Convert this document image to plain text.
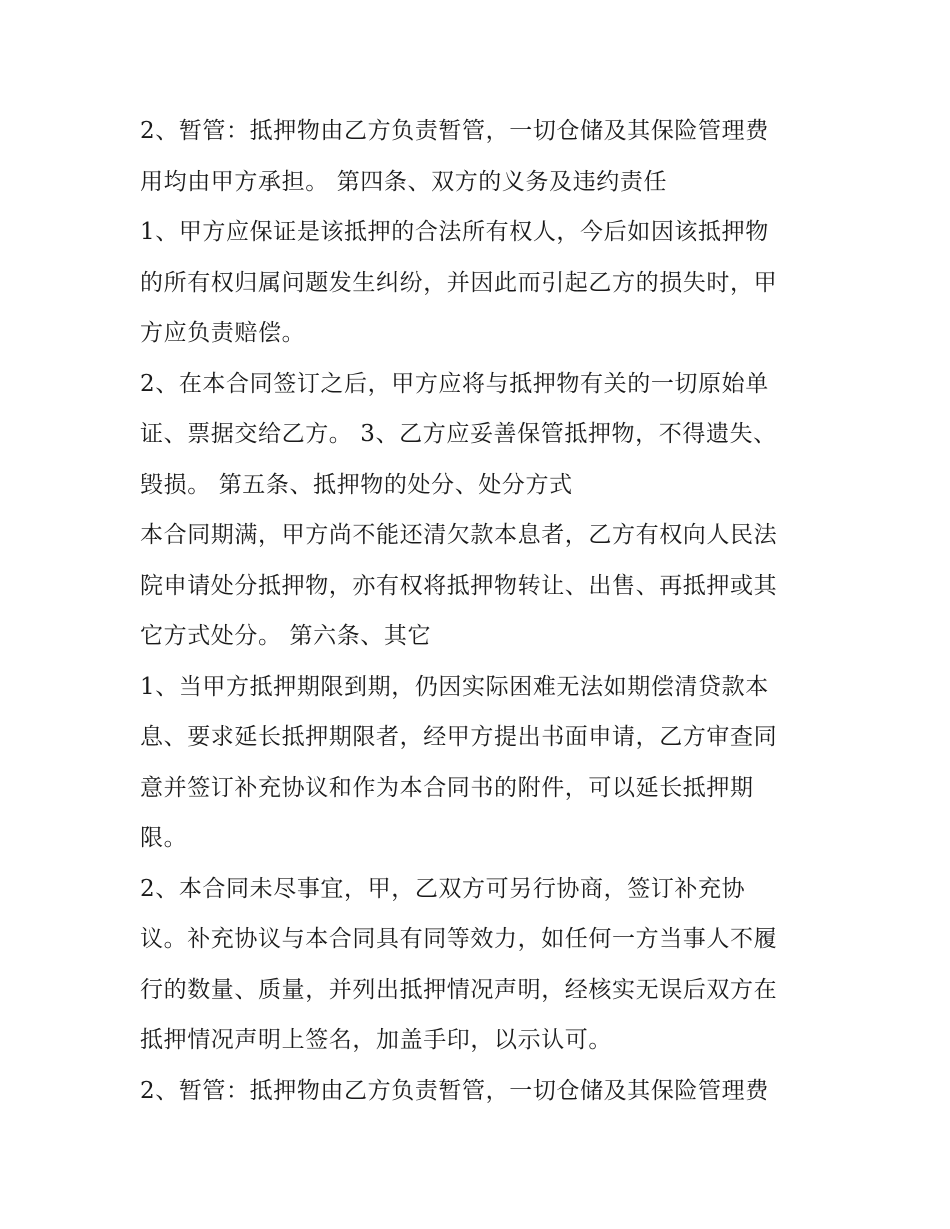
2、暂管：抵押物由乙方负责暂管，一切仓储及其保险管理费
用均由甲方承担。 第四条、双方的义务及违约责任
1、甲方应保证是该抵押的合法所有权人，今后如因该抵押物
的所有权归属问题发生纠纷，并因此而引起乙方的损失时，甲
方应负责赔偿。
2、在本合同签订之后，甲方应将与抵押物有关的一切原始单
证、票据交给乙方。 3、乙方应妥善保管抵押物，不得遗失、
毁损。 第五条、抵押物的处分、处分方式
本合同期满，甲方尚不能还清欠款本息者，乙方有权向人民法
院申请处分抵押物，亦有权将抵押物转让、出售、再抵押或其
它方式处分。 第六条、其它
1、当甲方抵押期限到期，仍因实际困难无法如期偿清贷款本
息、要求延长抵押期限者，经甲方提出书面申请，乙方审查同
意并签订补充协议和作为本合同书的附件，可以延长抵押期
限。
2、本合同未尽事宜，甲，乙双方可另行协商，签订补充协
议。补充协议与本合同具有同等效力，如任何一方当事人不履
行的数量、质量，并列出抵押情况声明，经核实无误后双方在
抵押情况声明上签名，加盖手印，以示认可。
2、暂管：抵押物由乙方负责暂管，一切仓储及其保险管理费
